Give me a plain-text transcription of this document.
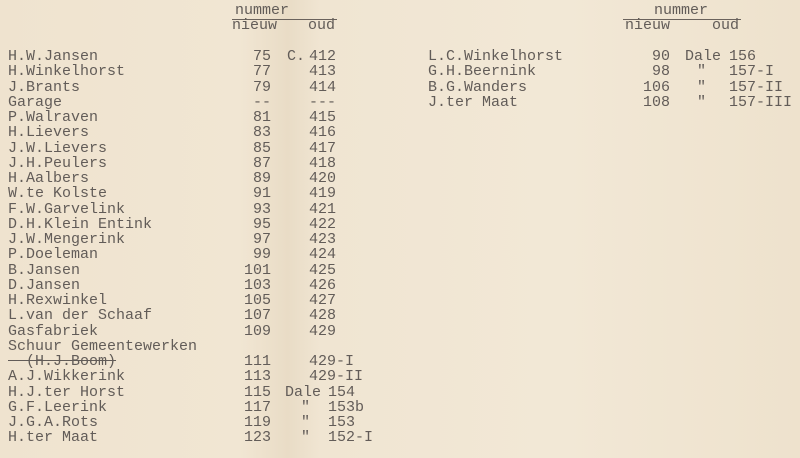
nummer
nieuw oud
nummer
nieuw	oud
H.W.Jansen	75 C. 412
H.Winkelhorst	77	413
J.Brants	79	414
Garage	--	---
P.Walraven	81	415
H.Lievers	83	416
J.W.Lievers	85	417
J.H.Peulers	87	418
H.Aalbers	89	420
W.te Kolste	91	419
F.W.Garvelink	93	421
D.H.Klein Entink	95	422
J.W.Mengerink	97	423
P.Doeleman	99	424
B.Jansen	101	425
D.Jansen	103	426
H.Rexwinkel	105	427
L.van der Schaaf	107	428
Gasfabriek	109	429
Schuur Gemeentewerken
(H.J.Boom)	111	429-I
A.J.Wikkerink	113	429-II
H.J.ter Horst	115 Dale 154
G.F.Leerink	117 " 153b
J.G.A.Rots	119 " 153
H.ter Maat	123 " 152-I
L.C.Winkelhorst	90 Dale 156
G.H.Beernink	98 " 157-I
B.G.Wanders	106 " 157-II
J.ter Maat	108 " 157-III
